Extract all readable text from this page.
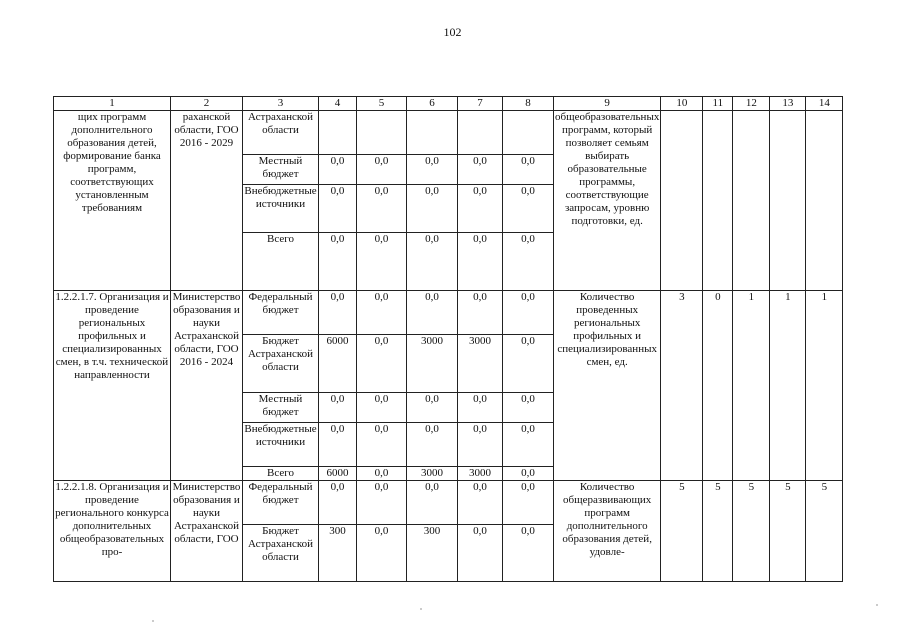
102
1	2	3	4	5	6	7	8	9	10	11	12	13	14
щих программ дополнительного образования детей, формирование банка программ, соответствующих установленным требованиям	раханской области, ГОО 2016 - 2029	Астраханской области						общеобразовательных программ, который позволяет семьям выбирать образовательные программы, соответствующие запросам, уровню подготовки, ед.					
		Местный бюджет	0,0	0,0	0,0	0,0	0,0						
		Внебюджетные источники	0,0	0,0	0,0	0,0	0,0						
		Всего	0,0	0,0	0,0	0,0	0,0						
1.2.2.1.7. Организация и проведение региональных профильных и специализированных смен, в т.ч. технической направленности	Министерство образования и науки Астраханской области, ГОО 2016 - 2024	Федеральный бюджет	0,0	0,0	0,0	0,0	0,0	Количество проведенных региональных профильных и специализированных смен, ед.	3	0	1	1	1
		Бюджет Астраханской области	6000	0,0	3000	3000	0,0						
		Местный бюджет	0,0	0,0	0,0	0,0	0,0						
		Внебюджетные источники	0,0	0,0	0,0	0,0	0,0						
		Всего	6000	0,0	3000	3000	0,0						
1.2.2.1.8. Организация и проведение регионального конкурса дополнительных общеобразовательных про-	Министерство образования и науки Астраханской области, ГОО	Федеральный бюджет	0,0	0,0	0,0	0,0	0,0	Количество общеразвивающих программ дополнительного образования детей, удовле-	5	5	5	5	5
		Бюджет Астраханской области	300	0,0	300	0,0	0,0						
